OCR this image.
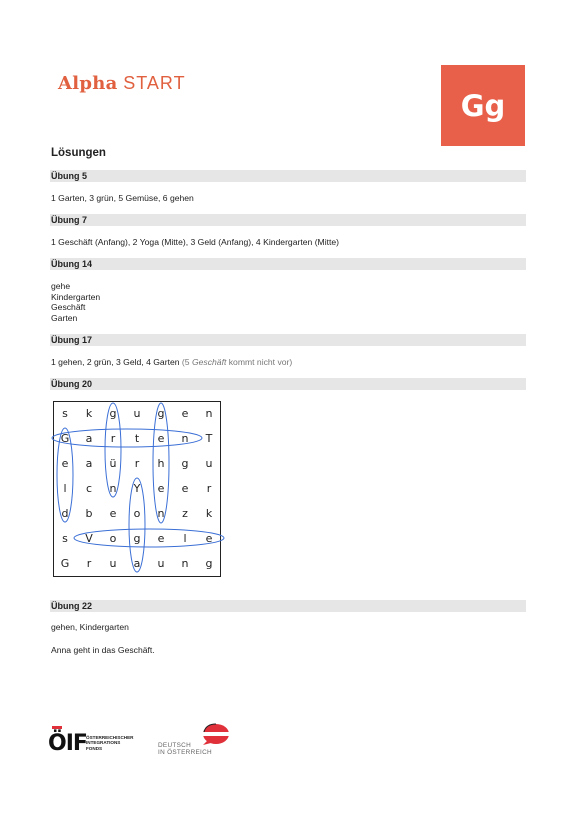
Alpha START
Gg
Lösungen
Übung 5
1 Garten, 3 grün, 5 Gemüse, 6 gehen
Übung 7
1 Geschäft (Anfang), 2 Yoga (Mitte), 3 Geld (Anfang), 4 Kindergarten (Mitte)
Übung 14
gehe
Kindergarten
Geschäft
Garten
Übung 17
1 gehen, 2 grün, 3 Geld, 4 Garten (5 Geschäft kommt nicht vor)
Übung 20
s	k	g	u	g	e	n
G	a	r	t	e	n	T
e	a	ü	r	h	g	u
l	c	n	Y	e	e	r
d	b	e	o	n	z	k
s	V	o	g	e	l	e
G	r	u	a	u	n	g
Übung 22
gehen, Kindergarten
Anna geht in das Geschäft.
ÖIF ÖSTERREICHISCHER
INTEGRATIONS
FONDS	DEUTSCH
IN ÖSTERREICH
